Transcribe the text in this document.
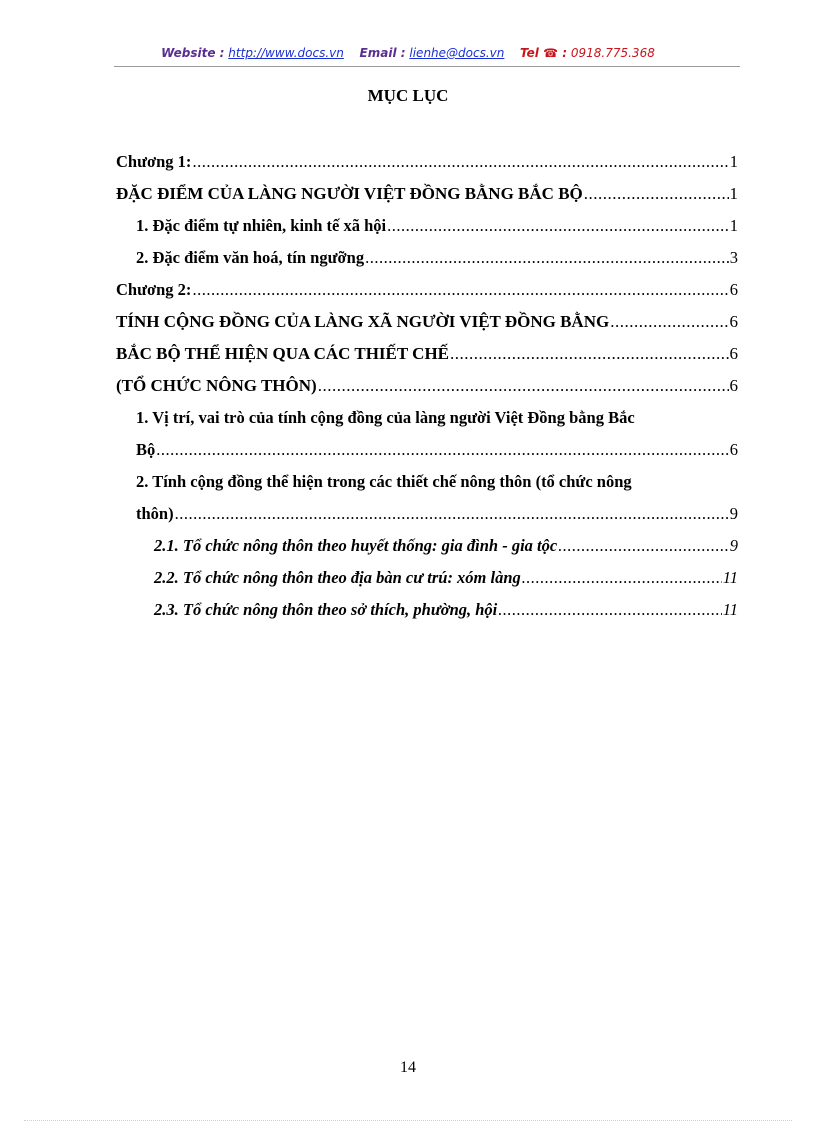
Website : http://www.docs.vn Email : lienhe@docs.vn Tel ☎ : 0918.775.368
MỤC LỤC
Chương 1: .....	1
ĐẶC ĐIỂM CỦA LÀNG NGƯỜI VIỆT ĐỒNG BẰNG BẮC BỘ .....	1
1. Đặc điểm tự nhiên, kinh tế xã hội .....	1
2. Đặc điểm văn hoá, tín ngưỡng .....	3
Chương 2: .....	6
TÍNH CỘNG ĐỒNG CỦA LÀNG XÃ NGƯỜI VIỆT ĐỒNG BẰNG .....	6
BẮC BỘ THỂ HIỆN QUA CÁC THIẾT CHẾ .....	6
(TỔ CHỨC NÔNG THÔN) .....	6
1. Vị trí, vai trò của tính cộng đồng của làng người Việt Đồng bằng Bắc
Bộ .....	6
2. Tính cộng đồng thể hiện trong các thiết chế nông thôn (tổ chức nông
thôn) .....	9
2.1. Tổ chức nông thôn theo huyết thống: gia đình - gia tộc .....	9
2.2. Tổ chức nông thôn theo địa bàn cư trú: xóm làng .....	11
2.3. Tổ chức nông thôn theo sở thích, phường, hội .....	11
14
